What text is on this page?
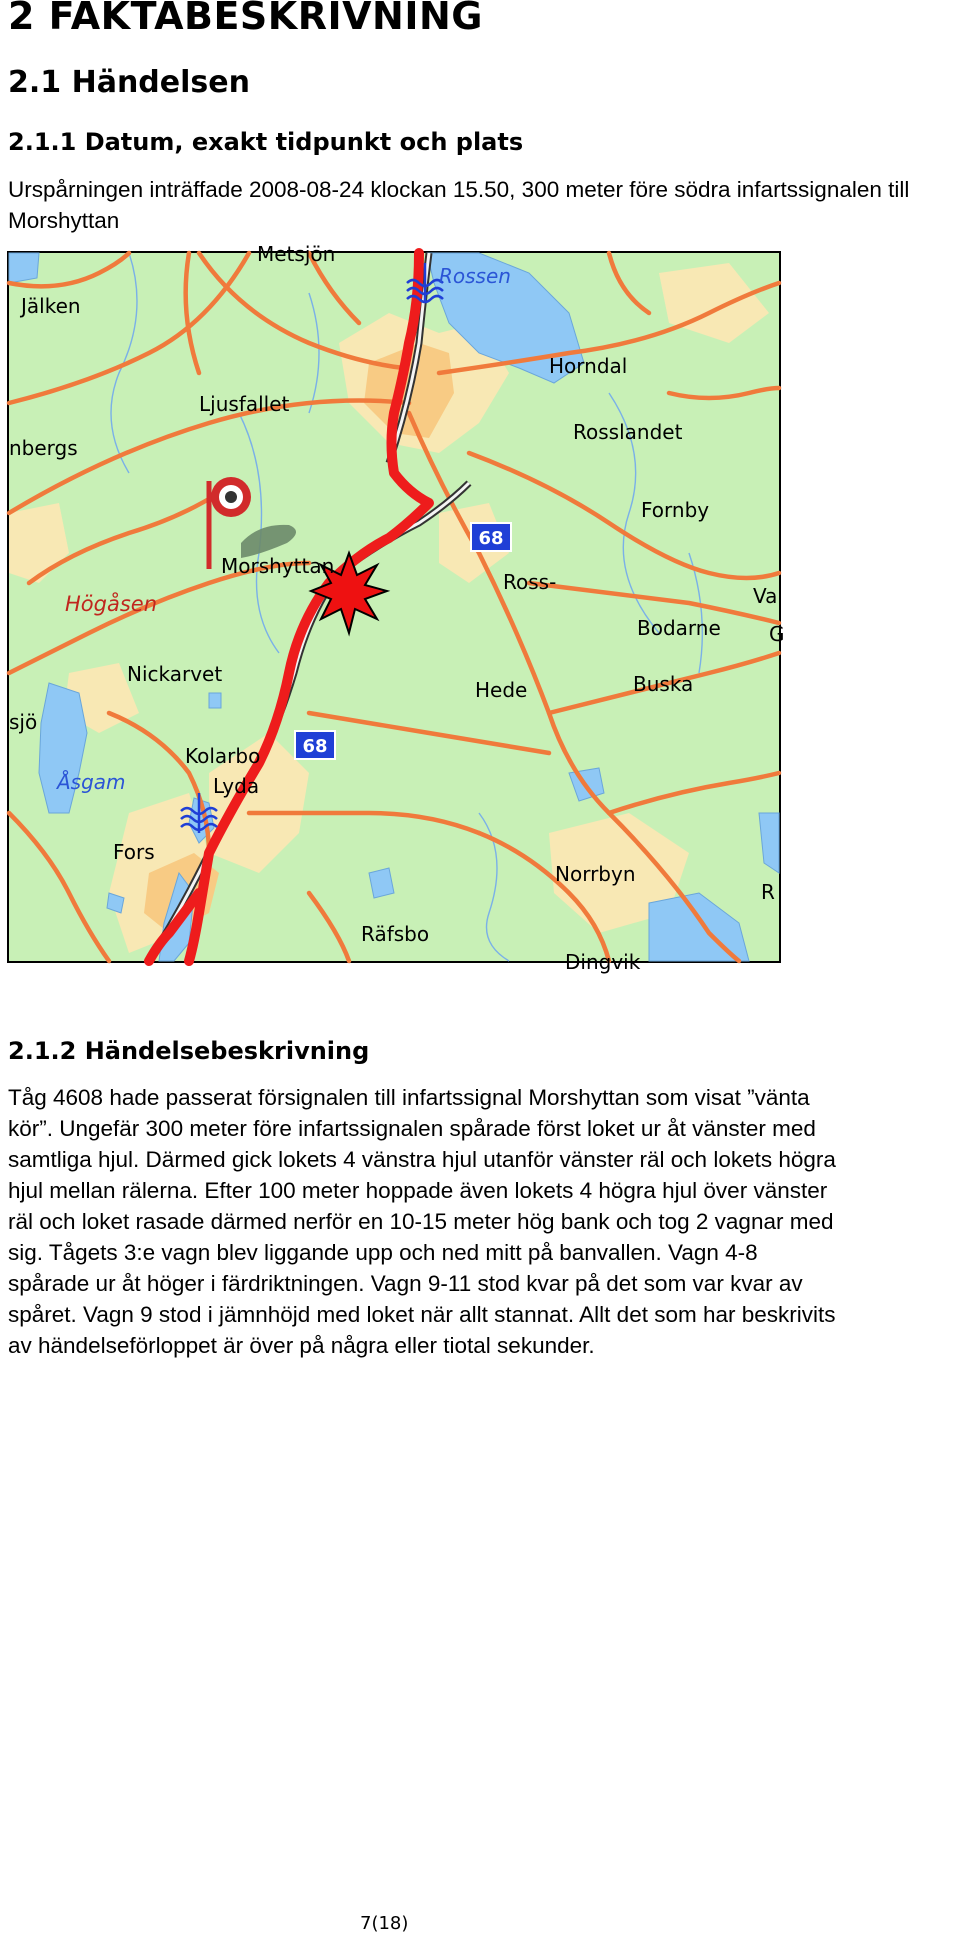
2 FAKTABESKRIVNING
2.1 Händelsen
2.1.1 Datum, exakt tidpunkt och plats
Urspårningen inträffade 2008-08-24 klockan 15.50, 300 meter före södra infartssignalen till Morshyttan
68
68
Rossen
Jälken
Horndal
Ljusfallet
Rosslandet
nbergs
Fornby
Morshyttan
Ross-
Va
Högåsen
Bodarne G
Nickarvet
Hede	Buska
sjö
Kolarbo
Åsgam	Lyda
Fors
Norrbyn
R
Räfsbo
Dingvik
Metsjön
2.1.2 Händelsebeskrivning
Tåg 4608 hade passerat försignalen till infartssignal Morshyttan som visat ”vänta
kör”. Ungefär 300 meter före infartssignalen spårade först loket ur åt vänster med
samtliga hjul. Därmed gick lokets 4 vänstra hjul utanför vänster räl och lokets högra
hjul mellan rälerna. Efter 100 meter hoppade även lokets 4 högra hjul över vänster
räl och loket rasade därmed nerför en 10-15 meter hög bank och tog 2 vagnar med
sig. Tågets 3:e vagn blev liggande upp och ned mitt på banvallen. Vagn 4-8
spårade ur åt höger i färdriktningen. Vagn 9-11 stod kvar på det som var kvar av
spåret. Vagn 9 stod i jämnhöjd med loket när allt stannat. Allt det som har beskrivits
av händelseförloppet är över på några eller tiotal sekunder.
7(18)
